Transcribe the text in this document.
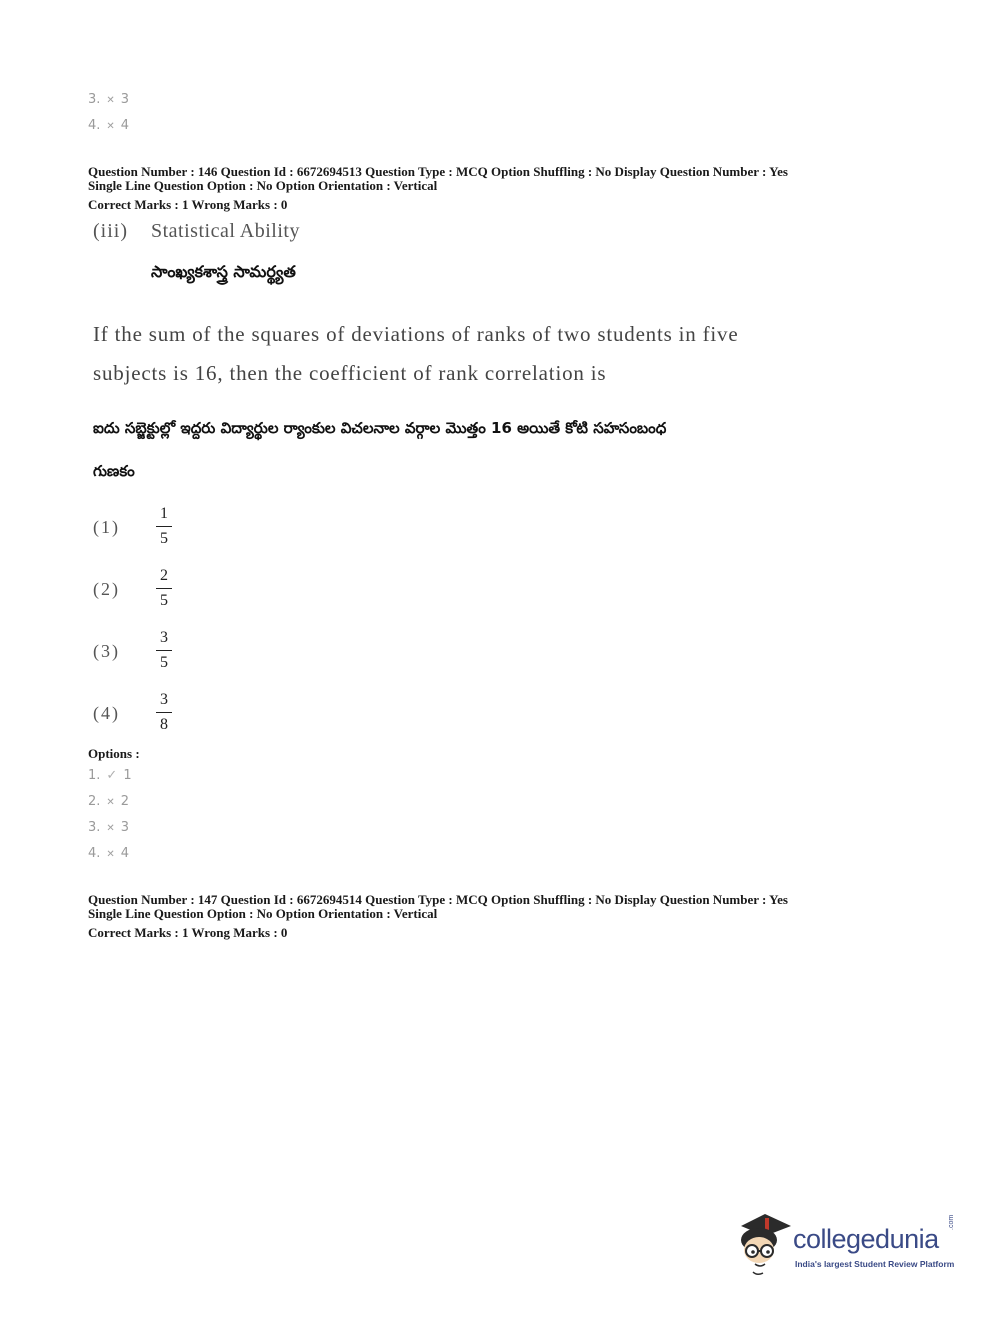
3. ✕ 3
4. ✕ 4
Question Number : 146 Question Id : 6672694513 Question Type : MCQ Option Shuffling : No Display Question Number : Yes
Single Line Question Option : No Option Orientation : Vertical
Correct Marks : 1 Wrong Marks : 0
(iii) Statistical Ability
సాంఖ్యకశాస్త్ర సామర్థ్యత
If the sum of the squares of deviations of ranks of two students in five
subjects is 16, then the coefficient of rank correlation is
ఐదు సబ్జెక్టుల్లో ఇద్దరు విద్యార్థుల ర్యాంకుల విచలనాల వర్గాల మొత్తం 16 అయితే కోటి సహసంబంధ
గుణకం
(1)
1
5
(2)
2
5
(3)
3
5
(4)
3
8
Options :
1. ✓ 1
2. ✕ 2
3. ✕ 3
4. ✕ 4
Question Number : 147 Question Id : 6672694514 Question Type : MCQ Option Shuffling : No Display Question Number : Yes
Single Line Question Option : No Option Orientation : Vertical
Correct Marks : 1 Wrong Marks : 0
collegedunia
.com
India's largest Student Review Platform
